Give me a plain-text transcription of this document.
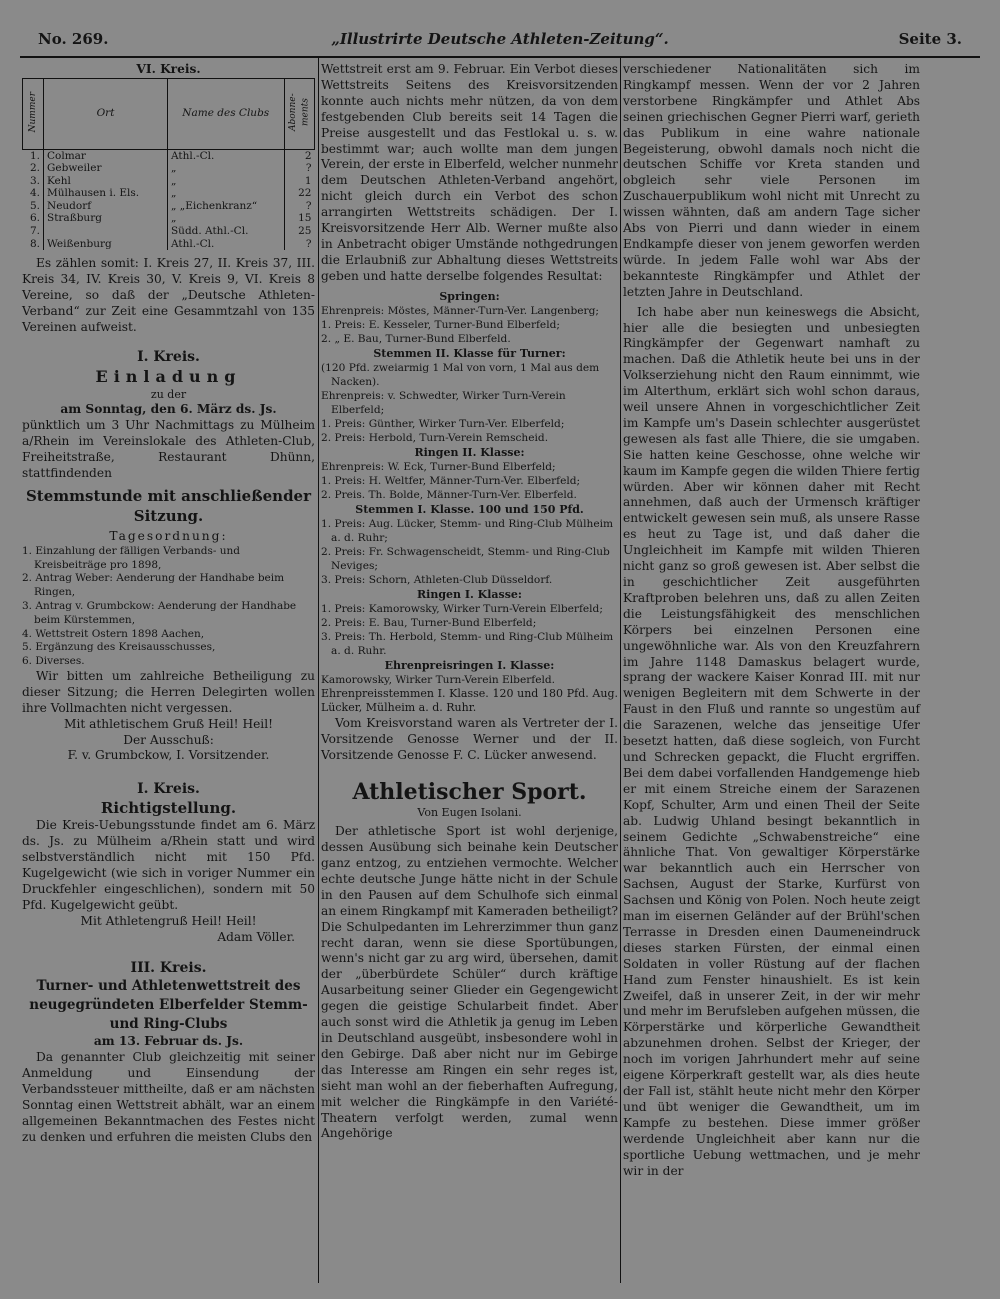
No. 269.	„Illustrirte Deutsche Athleten-Zeitung“.	Seite 3.
VI. Kreis.
Nummer	Ort	Name des Clubs	Abonne-ments
1.	Colmar	Athl.-Cl.	2
2.	Gebweiler	„	?
3.	Kehl	„	1
4.	Mülhausen i. Els.	„	22
5.	Neudorf	„ „Eichenkranz“	?
6.	Straßburg	„	15
7.		Südd. Athl.-Cl.	25
8.	Weißenburg	Athl.-Cl.	?

Es zählen somit: I. Kreis 27, II. Kreis 37, III. Kreis 34, IV. Kreis 30, V. Kreis 9, VI. Kreis 8 Vereine, so daß der „Deutsche Athleten-Verband“ zur Zeit eine Gesammtzahl von 135 Vereinen aufweist.

I. Kreis.
Einladung
zu der
am Sonntag, den 6. März ds. Js.

pünktlich um 3 Uhr Nachmittags zu Mülheim a/Rhein im Vereinslokale des Athleten-Club, Freiheitstraße, Restaurant Dhünn, stattfindenden

Stemmstunde mit anschließender Sitzung.
Tagesordnung:
1. Einzahlung der fälligen Verbands- und Kreisbeiträge pro 1898,
2. Antrag Weber: Aenderung der Handhabe beim Ringen,
3. Antrag v. Grumbckow: Aenderung der Handhabe beim Kürstemmen,
4. Wettstreit Ostern 1898 Aachen,
5. Ergänzung des Kreisausschusses,
6. Diverses.

Wir bitten um zahlreiche Betheiligung zu dieser Sitzung; die Herren Delegirten wollen ihre Vollmachten nicht vergessen.

Mit athletischem Gruß Heil! Heil!
Der Ausschuß:
F. v. Grumbckow, I. Vorsitzender.
I. Kreis.
Richtigstellung.

Die Kreis-Uebungsstunde findet am 6. März ds. Js. zu Mülheim a/Rhein statt und wird selbstverständlich nicht mit 150 Pfd. Kugelgewicht (wie sich in voriger Nummer ein Druckfehler eingeschlichen), sondern mit 50 Pfd. Kugelgewicht geübt.

Mit Athletengruß Heil! Heil!
Adam Völler.
III. Kreis.
Turner- und Athletenwettstreit des neugegründeten Elberfelder Stemm- und Ring-Clubs
am 13. Februar ds. Js.

Da genannter Club gleichzeitig mit seiner Anmeldung und Einsendung der Verbandssteuer mittheilte, daß er am nächsten Sonntag einen Wettstreit abhält, war an einem allgemeinen Bekanntmachen des Festes nicht zu denken und erfuhren die meisten Clubs den

Wettstreit erst am 9. Februar. Ein Verbot dieses Wettstreits Seitens des Kreisvorsitzenden konnte auch nichts mehr nützen, da von dem festgebenden Club bereits seit 14 Tagen die Preise ausgestellt und das Festlokal u. s. w. bestimmt war; auch wollte man dem jungen Verein, der erste in Elberfeld, welcher nunmehr dem Deutschen Athleten-Verband angehört, nicht gleich durch ein Verbot des schon arrangirten Wettstreits schädigen. Der I. Kreisvorsitzende Herr Alb. Werner mußte also in Anbetracht obiger Umstände nothgedrungen die Erlaubniß zur Abhaltung dieses Wettstreits geben und hatte derselbe folgendes Resultat:

Springen:
Ehrenpreis: Möstes, Männer-Turn-Ver. Langenberg;
1. Preis: E. Kesseler, Turner-Bund Elberfeld;
2. „ E. Bau, Turner-Bund Elberfeld.
Stemmen II. Klasse für Turner:
(120 Pfd. zweiarmig 1 Mal von vorn, 1 Mal aus dem Nacken).
Ehrenpreis: v. Schwedter, Wirker Turn-Verein Elberfeld;
1. Preis: Günther, Wirker Turn-Ver. Elberfeld;
2. Preis: Herbold, Turn-Verein Remscheid.
Ringen II. Klasse:
Ehrenpreis: W. Eck, Turner-Bund Elberfeld;
1. Preis: H. Weltfer, Männer-Turn-Ver. Elberfeld;
2. Preis. Th. Bolde, Männer-Turn-Ver. Elberfeld.
Stemmen I. Klasse. 100 und 150 Pfd.
1. Preis: Aug. Lücker, Stemm- und Ring-Club Mülheim a. d. Ruhr;
2. Preis: Fr. Schwagenscheidt, Stemm- und Ring-Club Neviges;
3. Preis: Schorn, Athleten-Club Düsseldorf.
Ringen I. Klasse:
1. Preis: Kamorowsky, Wirker Turn-Verein Elberfeld;
2. Preis: E. Bau, Turner-Bund Elberfeld;
3. Preis: Th. Herbold, Stemm- und Ring-Club Mülheim a. d. Ruhr.
Ehrenpreisringen I. Klasse:
Kamorowsky, Wirker Turn-Verein Elberfeld.

Ehrenpreisstemmen I. Klasse. 120 und 180 Pfd. Aug. Lücker, Mülheim a. d. Ruhr.

Vom Kreisvorstand waren als Vertreter der I. Vorsitzende Genosse Werner und der II. Vorsitzende Genosse F. C. Lücker anwesend.

Athletischer Sport.
Von Eugen Isolani.

Der athletische Sport ist wohl derjenige, dessen Ausübung sich beinahe kein Deutscher ganz entzog, zu entziehen vermochte. Welcher echte deutsche Junge hätte nicht in der Schule in den Pausen auf dem Schulhofe sich einmal an einem Ringkampf mit Kameraden betheiligt? Die Schulpedanten im Lehrerzimmer thun ganz recht daran, wenn sie diese Sportübungen, wenn's nicht gar zu arg wird, übersehen, damit der „überbürdete Schüler“ durch kräftige Ausarbeitung seiner Glieder ein Gegengewicht gegen die geistige Schularbeit findet. Aber auch sonst wird die Athletik ja genug im Leben in Deutschland ausgeübt, insbesondere wohl in den Gebirge. Daß aber nicht nur im Gebirge das Interesse am Ringen ein sehr reges ist, sieht man wohl an der fieberhaften Aufregung, mit welcher die Ringkämpfe in den Variété-Theatern verfolgt werden, zumal wenn Angehörige

verschiedener Nationalitäten sich im Ringkampf messen. Wenn der vor 2 Jahren verstorbene Ringkämpfer und Athlet Abs seinen griechischen Gegner Pierri warf, gerieth das Publikum in eine wahre nationale Begeisterung, obwohl damals noch nicht die deutschen Schiffe vor Kreta standen und obgleich sehr viele Personen im Zuschauerpublikum wohl nicht mit Unrecht zu wissen wähnten, daß am andern Tage sicher Abs von Pierri und dann wieder in einem Endkampfe dieser von jenem geworfen werden würde. In jedem Falle wohl war Abs der bekannteste Ringkämpfer und Athlet der letzten Jahre in Deutschland.

Ich habe aber nun keineswegs die Absicht, hier alle die besiegten und unbesiegten Ringkämpfer der Gegenwart namhaft zu machen. Daß die Athletik heute bei uns in der Volkserziehung nicht den Raum einnimmt, wie im Alterthum, erklärt sich wohl schon daraus, weil unsere Ahnen in vorgeschichtlicher Zeit im Kampfe um's Dasein schlechter ausgerüstet gewesen als fast alle Thiere, die sie umgaben. Sie hatten keine Geschosse, ohne welche wir kaum im Kampfe gegen die wilden Thiere fertig würden. Aber wir können daher mit Recht annehmen, daß auch der Urmensch kräftiger entwickelt gewesen sein muß, als unsere Rasse es heut zu Tage ist, und daß daher die Ungleichheit im Kampfe mit wilden Thieren nicht ganz so groß gewesen ist. Aber selbst die in geschichtlicher Zeit ausgeführten Kraftproben belehren uns, daß zu allen Zeiten die Leistungsfähigkeit des menschlichen Körpers bei einzelnen Personen eine ungewöhnliche war. Als von den Kreuzfahrern im Jahre 1148 Damaskus belagert wurde, sprang der wackere Kaiser Konrad III. mit nur wenigen Begleitern mit dem Schwerte in der Faust in den Fluß und rannte so ungestüm auf die Sarazenen, welche das jenseitige Ufer besetzt hatten, daß diese sogleich, von Furcht und Schrecken gepackt, die Flucht ergriffen. Bei dem dabei vorfallenden Handgemenge hieb er mit einem Streiche einem der Sarazenen Kopf, Schulter, Arm und einen Theil der Seite ab. Ludwig Uhland besingt bekanntlich in seinem Gedichte „Schwabenstreiche“ eine ähnliche That. Von gewaltiger Körperstärke war bekanntlich auch ein Herrscher von Sachsen, August der Starke, Kurfürst von Sachsen und König von Polen. Noch heute zeigt man im eisernen Geländer auf der Brühl'schen Terrasse in Dresden einen Daumeneindruck dieses starken Fürsten, der einmal einen Soldaten in voller Rüstung auf der flachen Hand zum Fenster hinaushielt. Es ist kein Zweifel, daß in unserer Zeit, in der wir mehr und mehr im Berufsleben aufgehen müssen, die Körperstärke und körperliche Gewandtheit abzunehmen drohen. Selbst der Krieger, der noch im vorigen Jahrhundert mehr auf seine eigene Körperkraft gestellt war, als dies heute der Fall ist, stählt heute nicht mehr den Körper und übt weniger die Gewandtheit, um im Kampfe zu bestehen. Diese immer größer werdende Ungleichheit aber kann nur die sportliche Uebung wettmachen, und je mehr wir in der
